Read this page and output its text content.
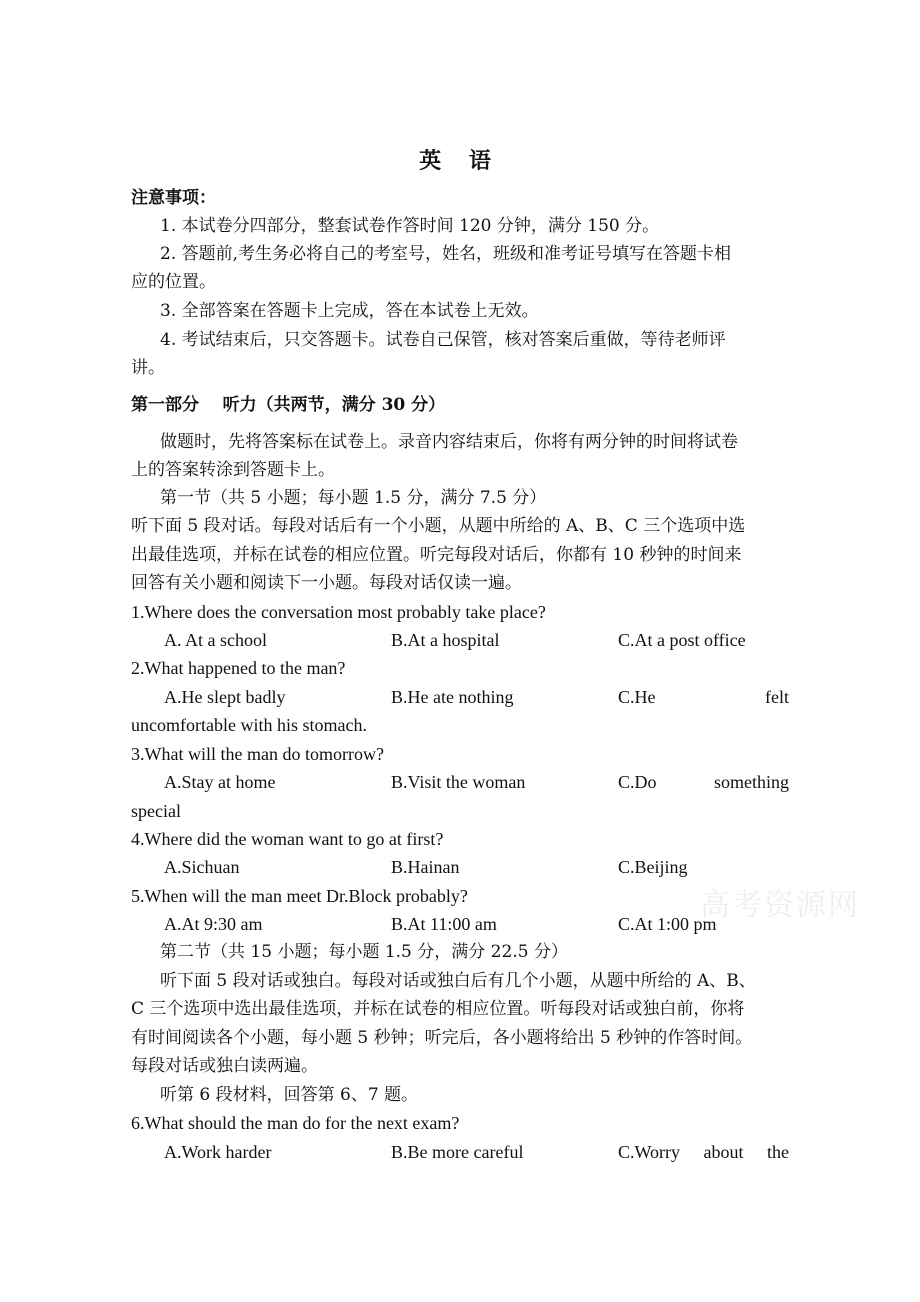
英 语
注意事项：
1. 本试卷分四部分，整套试卷作答时间 120 分钟，满分 150 分。
2. 答题前,考生务必将自己的考室号，姓名，班级和准考证号填写在答题卡相
应的位置。
3. 全部答案在答题卡上完成，答在本试卷上无效。
4. 考试结束后，只交答题卡。试卷自己保管，核对答案后重做，等待老师评
讲。
第一部分    听力（共两节，满分 30 分）
做题时，先将答案标在试卷上。录音内容结束后，你将有两分钟的时间将试卷
上的答案转涂到答题卡上。
第一节（共 5 小题；每小题 1.5 分，满分 7.5 分）
听下面 5 段对话。每段对话后有一个小题，从题中所给的 A、B、C 三个选项中选
出最佳选项，并标在试卷的相应位置。听完每段对话后，你都有 10 秒钟的时间来
回答有关小题和阅读下一小题。每段对话仅读一遍。
1.Where does the conversation most probably take place?
A. At a school	B.At a hospital	C.At a post office
2.What happened to the man?
A.He slept badly	B.He ate nothing	C.He	felt
uncomfortable with his stomach.
3.What will the man do tomorrow?
A.Stay at home	B.Visit the woman	C.Do	something
special
4.Where did the woman want to go at first?
A.Sichuan	B.Hainan	C.Beijing
5.When will the man meet Dr.Block probably?
A.At 9:30 am	B.At 11:00 am	C.At 1:00 pm
第二节（共 15 小题；每小题 1.5 分，满分 22.5 分）
听下面 5 段对话或独白。每段对话或独白后有几个小题，从题中所给的 A、B、
C 三个选项中选出最佳选项，并标在试卷的相应位置。听每段对话或独白前，你将
有时间阅读各个小题，每小题 5 秒钟；听完后，各小题将给出 5 秒钟的作答时间。
每段对话或独白读两遍。
听第 6 段材料，回答第 6、7 题。
6.What should the man do for the next exam?
A.Work harder	B.Be more careful	C.Worry about the
高考资源网
